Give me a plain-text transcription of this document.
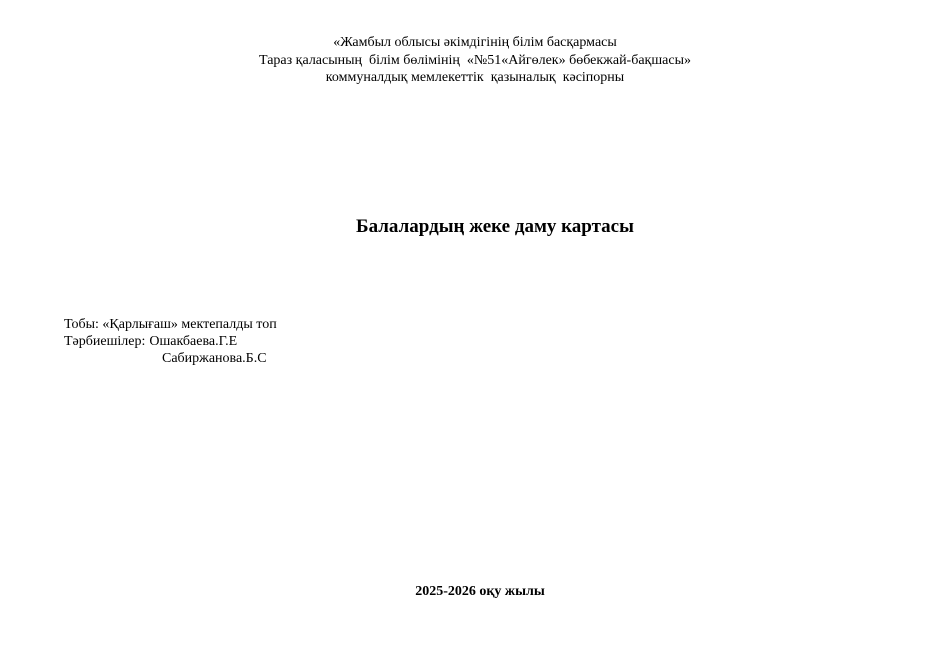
«Жамбыл облысы әкімдігінің білім басқармасы
Тараз қаласының  білім бөлімінің  «№51«Айгөлек» бөбекжай-бақшасы»
коммуналдық мемлекеттік  қазыналық  кәсіпорны
Балалардың жеке даму картасы
Тобы: «Қарлығаш» мектепалды топ
Тәрбиешілер: Ошакбаева.Г.Е
Сабиржанова.Б.С
2025-2026 оқу жылы
